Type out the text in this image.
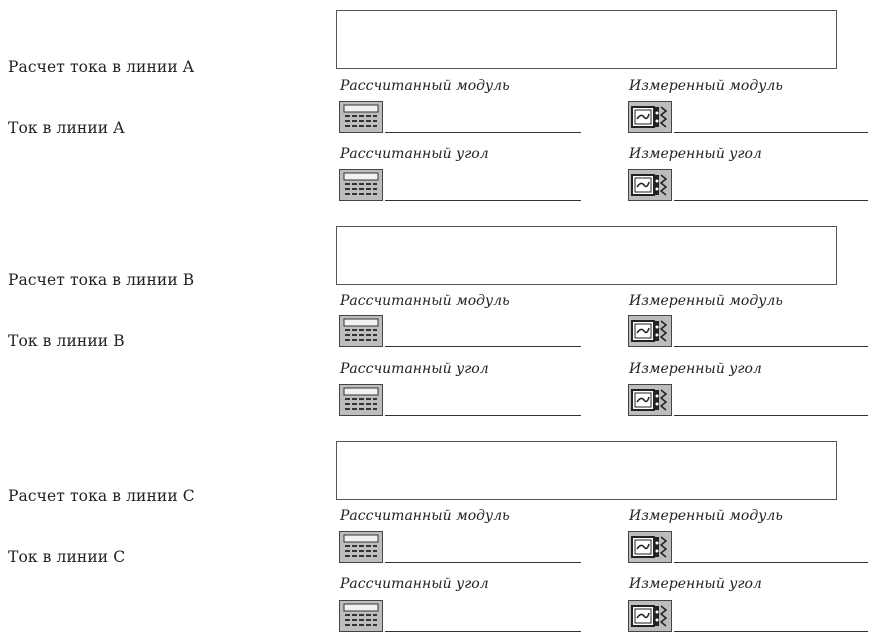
Расчет тока в линии A
Ток в линии A
Рассчитанный модуль	Измеренный модуль
Рассчитанный угол	Измеренный угол
Расчет тока в линии B
Ток в линии B
Рассчитанный модуль	Измеренный модуль
Рассчитанный угол	Измеренный угол
Расчет тока в линии C
Ток в линии C
Рассчитанный модуль	Измеренный модуль
Рассчитанный угол	Измеренный угол
